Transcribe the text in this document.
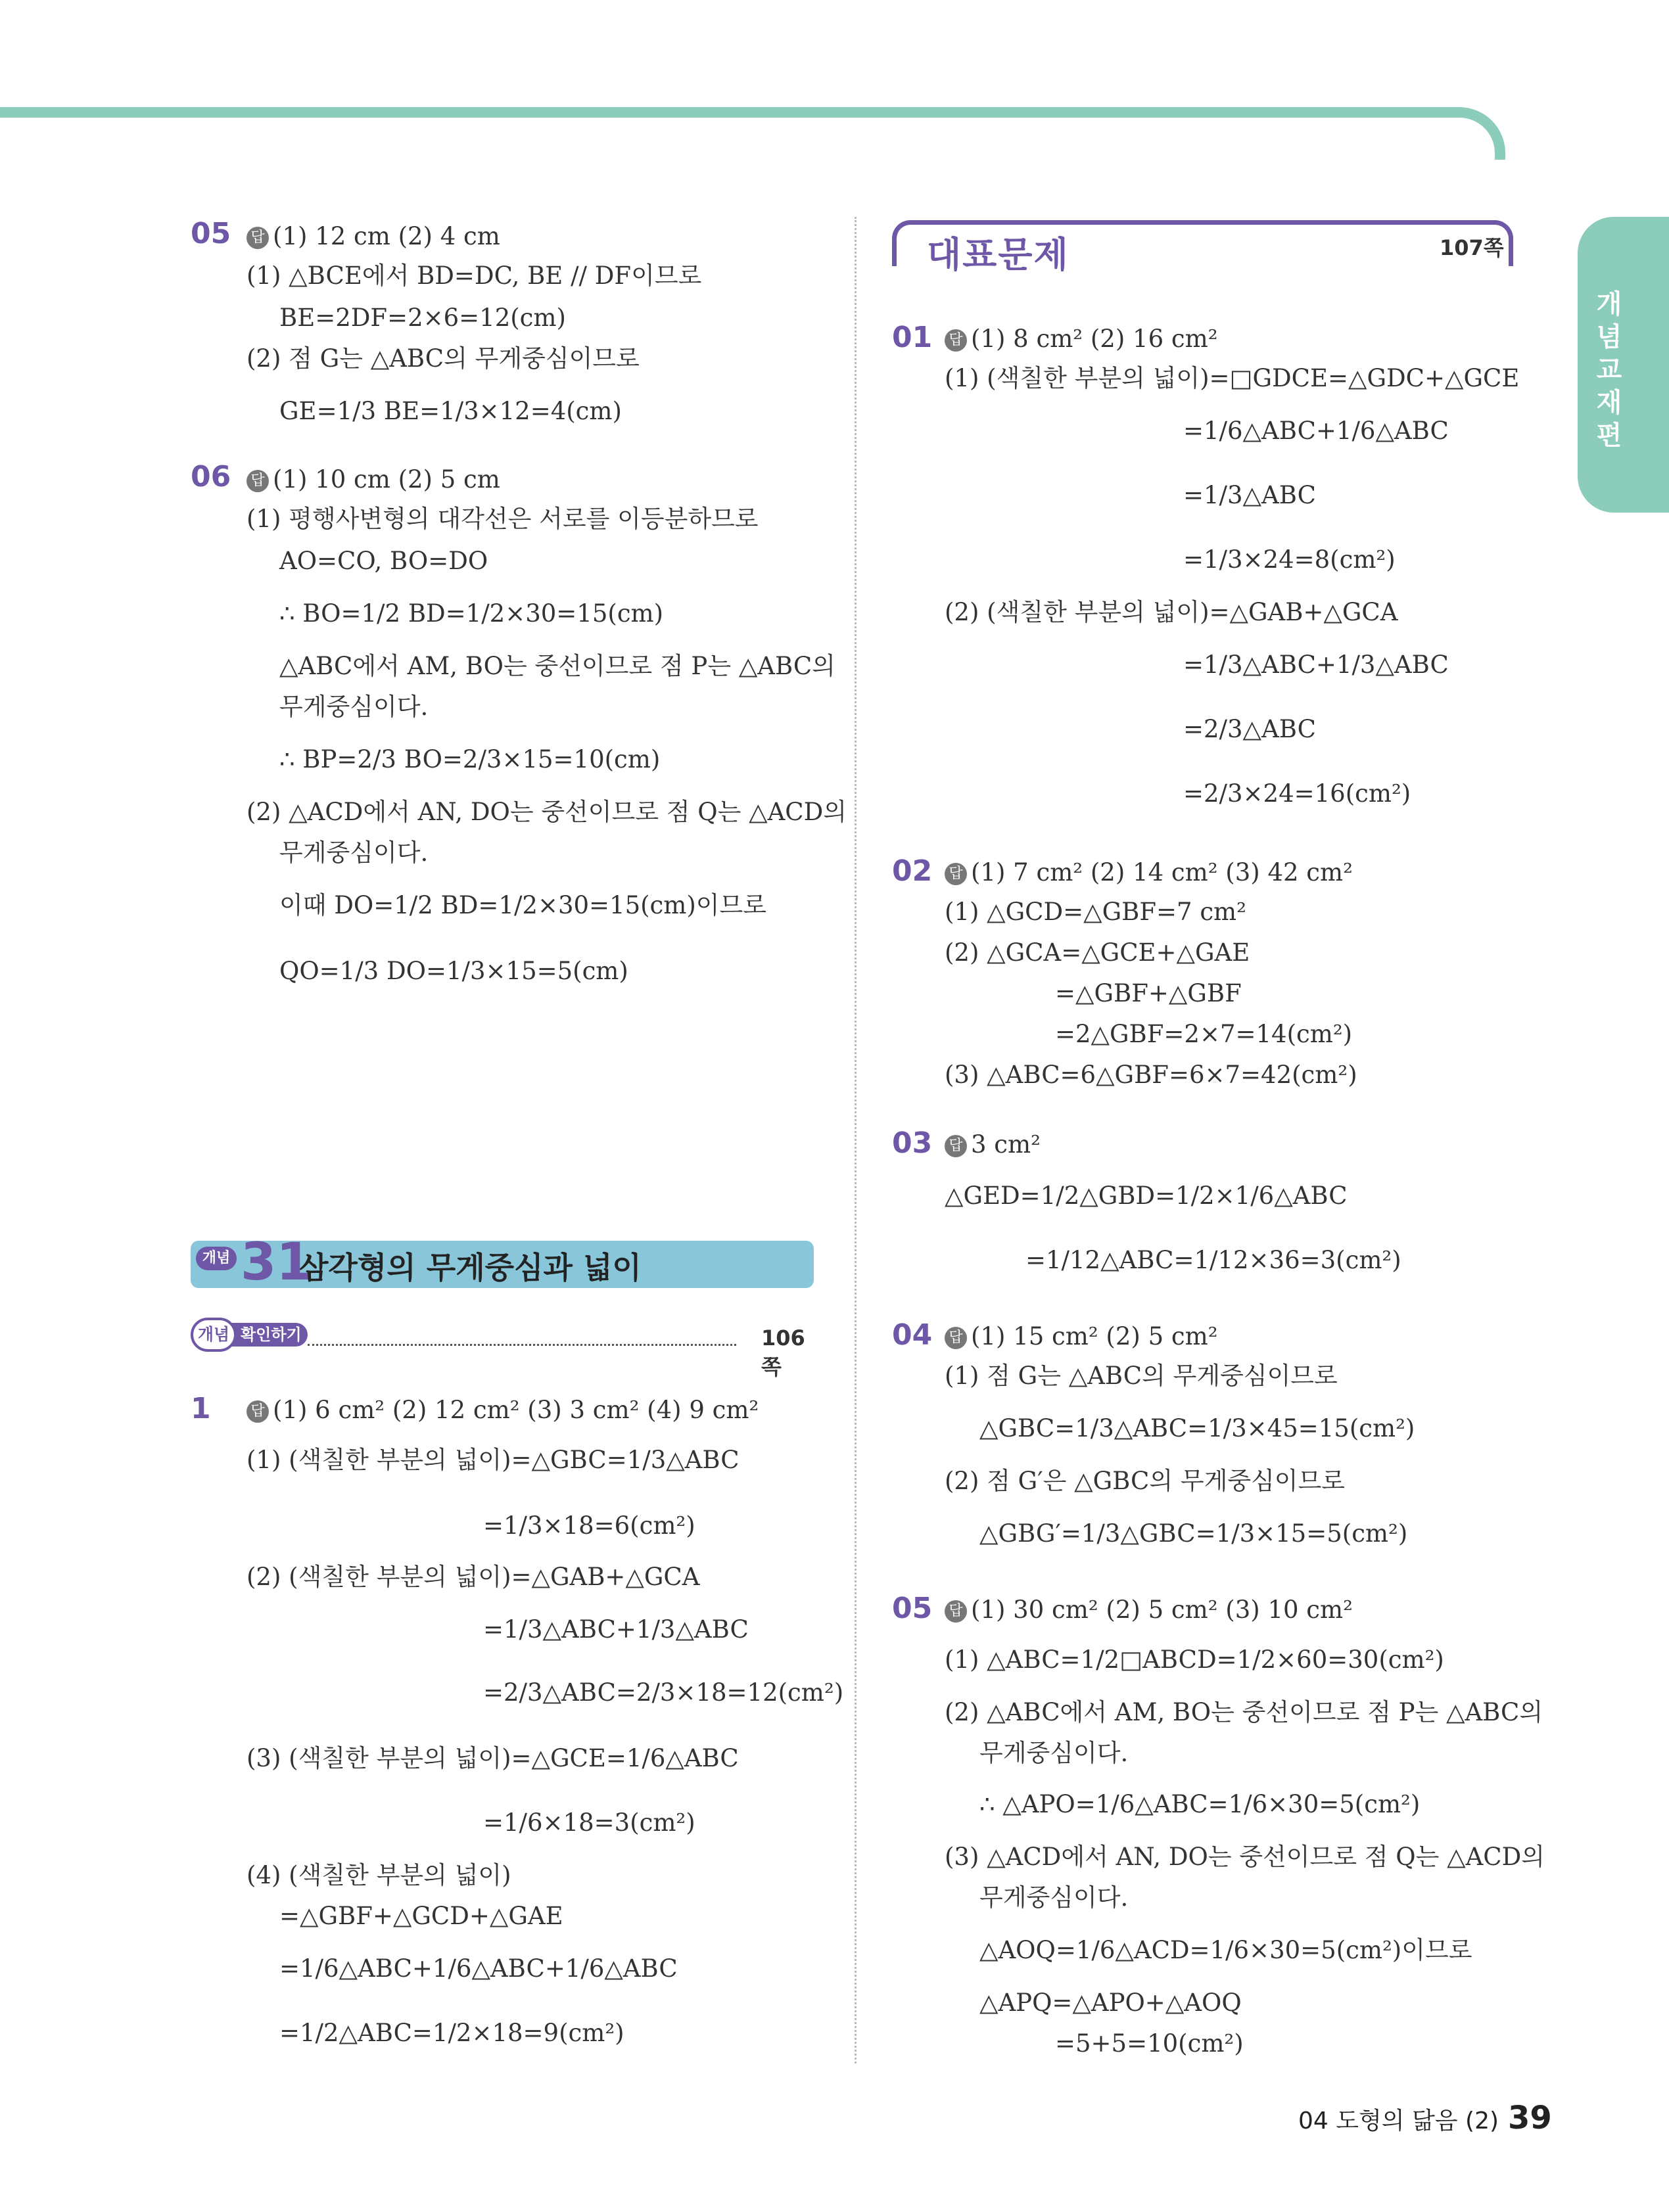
개념교재편
대표문제	107쪽
개념 31
삼각형의 무게중심과 넓이
확인하기
개념	106쪽
05 답 (1) 12 cm (2) 4 cm
(1) △BCE에서 BD=DC, BE // DF이므로
BE=2DF=2×6=12(cm)
(2) 점 G는 △ABC의 무게중심이므로
GE=1/3 BE=1/3×12=4(cm)
06 답 (1) 10 cm (2) 5 cm
(1) 평행사변형의 대각선은 서로를 이등분하므로
AO=CO, BO=DO
∴ BO=1/2 BD=1/2×30=15(cm)
△ABC에서 AM, BO는 중선이므로 점 P는 △ABC의
무게중심이다.
∴ BP=2/3 BO=2/3×15=10(cm)
(2) △ACD에서 AN, DO는 중선이므로 점 Q는 △ACD의
무게중심이다.
이때 DO=1/2 BD=1/2×30=15(cm)이므로
QO=1/3 DO=1/3×15=5(cm)
1	답 (1) 6 cm² (2) 12 cm² (3) 3 cm² (4) 9 cm²
(1) (색칠한 부분의 넓이)=△GBC=1/3△ABC
=1/3×18=6(cm²)
(2) (색칠한 부분의 넓이)=△GAB+△GCA
=1/3△ABC+1/3△ABC
=2/3△ABC=2/3×18=12(cm²)
(3) (색칠한 부분의 넓이)=△GCE=1/6△ABC
=1/6×18=3(cm²)
(4) (색칠한 부분의 넓이)
=△GBF+△GCD+△GAE
=1/6△ABC+1/6△ABC+1/6△ABC
=1/2△ABC=1/2×18=9(cm²)
01 답 (1) 8 cm² (2) 16 cm²
(1) (색칠한 부분의 넓이)=□GDCE=△GDC+△GCE
=1/6△ABC+1/6△ABC
=1/3△ABC
=1/3×24=8(cm²)
(2) (색칠한 부분의 넓이)=△GAB+△GCA
=1/3△ABC+1/3△ABC
=2/3△ABC
=2/3×24=16(cm²)
02 답 (1) 7 cm² (2) 14 cm² (3) 42 cm²
(1) △GCD=△GBF=7 cm²
(2) △GCA=△GCE+△GAE
=△GBF+△GBF
=2△GBF=2×7=14(cm²)
(3) △ABC=6△GBF=6×7=42(cm²)
03 답 3 cm²
△GED=1/2△GBD=1/2×1/6△ABC
=1/12△ABC=1/12×36=3(cm²)
04 답 (1) 15 cm² (2) 5 cm²
(1) 점 G는 △ABC의 무게중심이므로
△GBC=1/3△ABC=1/3×45=15(cm²)
(2) 점 G′은 △GBC의 무게중심이므로
△GBG′=1/3△GBC=1/3×15=5(cm²)
05 답 (1) 30 cm² (2) 5 cm² (3) 10 cm²
(1) △ABC=1/2□ABCD=1/2×60=30(cm²)
(2) △ABC에서 AM, BO는 중선이므로 점 P는 △ABC의
무게중심이다.
∴ △APO=1/6△ABC=1/6×30=5(cm²)
(3) △ACD에서 AN, DO는 중선이므로 점 Q는 △ACD의
무게중심이다.
△AOQ=1/6△ACD=1/6×30=5(cm²)이므로
△APQ=△APO+△AOQ
=5+5=10(cm²)
04 도형의 닮음 (2) 39
